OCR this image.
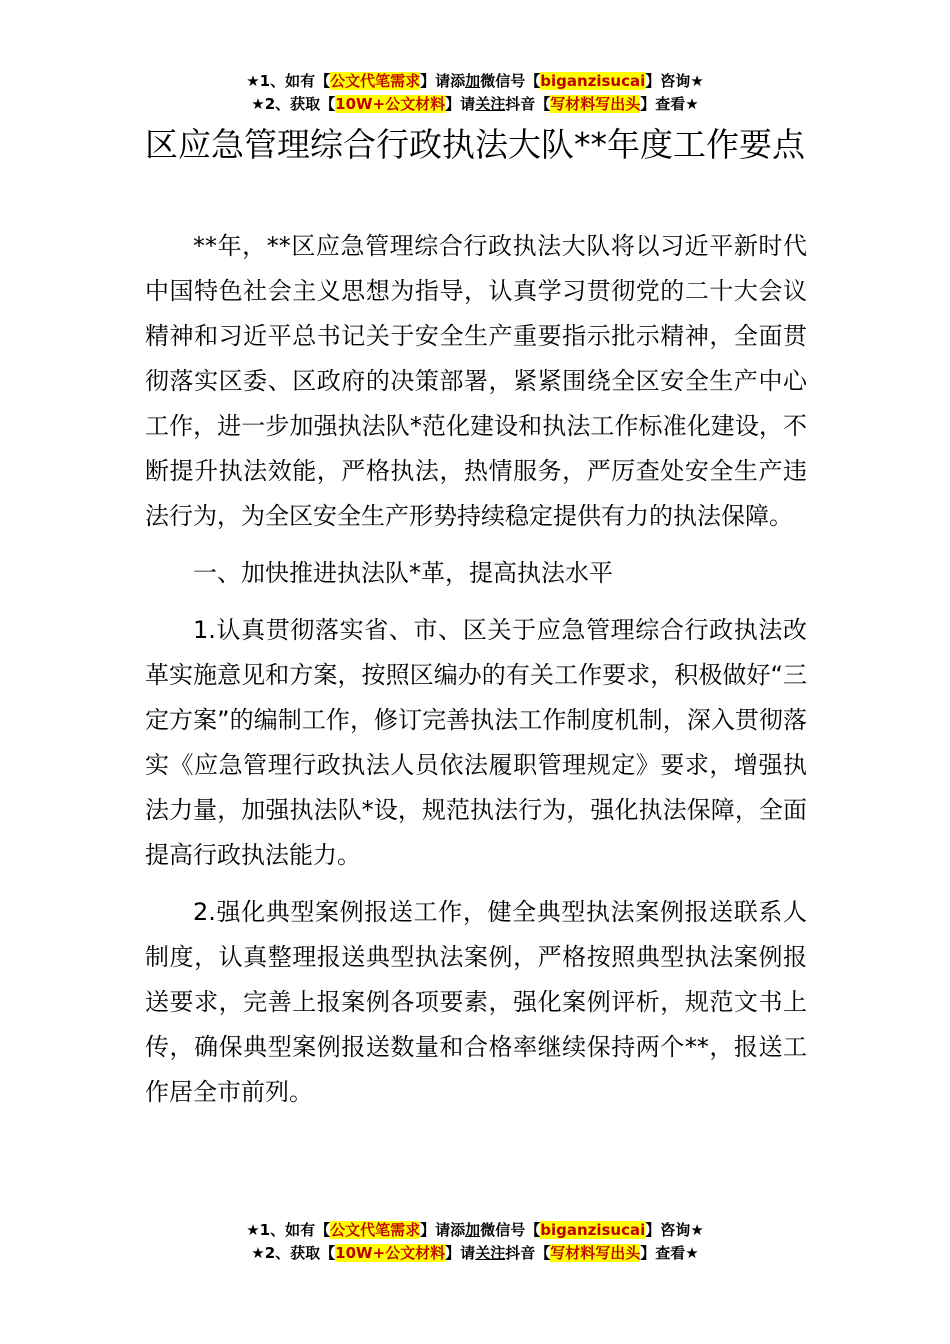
★1、如有【公文代笔需求】请添加微信号【biganzisucai】咨询★
★2、获取【10W+公文材料】请关注抖音【写材料写出头】查看★
区应急管理综合行政执法大队**年度工作要点

**年，**区应急管理综合行政执法大队将以习近平新时代中国特色社会主义思想为指导，认真学习贯彻党的二十大会议精神和习近平总书记关于安全生产重要指示批示精神，全面贯彻落实区委、区政府的决策部署，紧紧围绕全区安全生产中心工作，进一步加强执法队*范化建设和执法工作标准化建设，不断提升执法效能，严格执法，热情服务，严厉查处安全生产违法行为，为全区安全生产形势持续稳定提供有力的执法保障。

一、加快推进执法队*革，提高执法水平

1.认真贯彻落实省、市、区关于应急管理综合行政执法改革实施意见和方案，按照区编办的有关工作要求，积极做好“三定方案”的编制工作，修订完善执法工作制度机制，深入贯彻落实《应急管理行政执法人员依法履职管理规定》要求，增强执法力量，加强执法队*设，规范执法行为，强化执法保障，全面提高行政执法能力。

2.强化典型案例报送工作，健全典型执法案例报送联系人制度，认真整理报送典型执法案例，严格按照典型执法案例报送要求，完善上报案例各项要素，强化案例评析，规范文书上传，确保典型案例报送数量和合格率继续保持两个**，报送工作居全市前列。

★1、如有【公文代笔需求】请添加微信号【biganzisucai】咨询★
★2、获取【10W+公文材料】请关注抖音【写材料写出头】查看★
